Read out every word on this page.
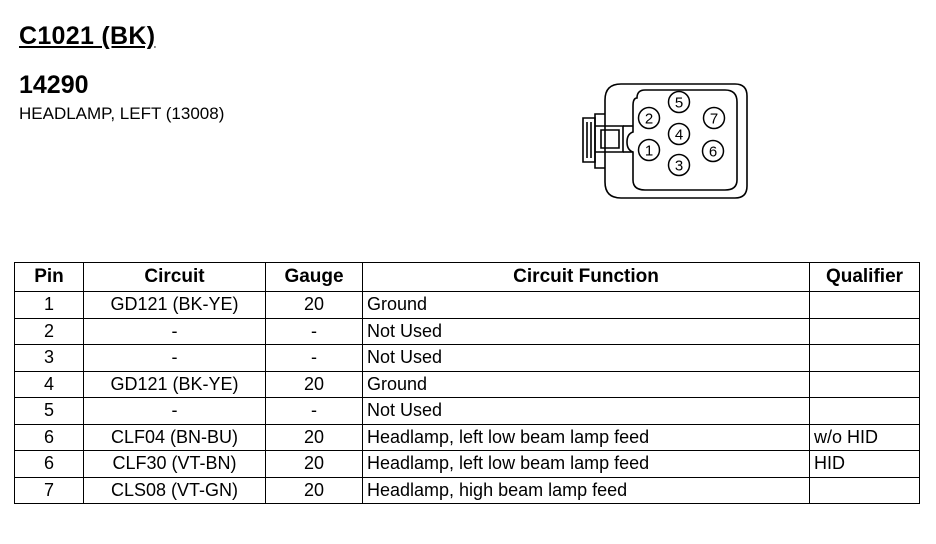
C1021 (BK)
14290
HEADLAMP, LEFT (13008)
1
2
3
4
5
6
7
Pin	Circuit	Gauge	Circuit Function	Qualifier
1	GD121 (BK-YE)	20	Ground	
2	-	-	Not Used	
3	-	-	Not Used	
4	GD121 (BK-YE)	20	Ground	
5	-	-	Not Used	
6	CLF04 (BN-BU)	20	Headlamp, left low beam lamp feed	w/o HID
6	CLF30 (VT-BN)	20	Headlamp, left low beam lamp feed	HID
7	CLS08 (VT-GN)	20	Headlamp, high beam lamp feed	
